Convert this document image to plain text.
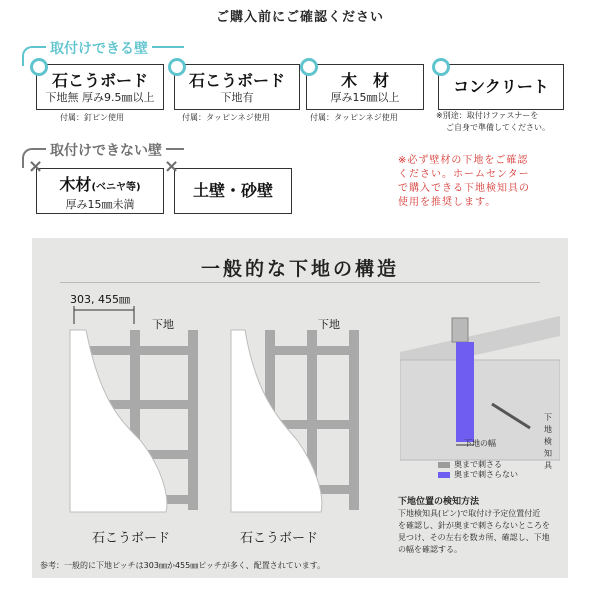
ご購入前にご確認ください
取付けできる壁
石こうボード
下地無 厚み9.5㎜以上
付属：釘ピン使用
石こうボード
下地有
付属：タッピンネジ使用
木　材
厚み15㎜以上
付属：タッピンネジ使用
コンクリート
※別途：取付けファスナーを
ご自身で準備してください。
取付けできない壁
木材(ベニヤ等)
厚み15㎜未満
×
土壁・砂壁
×	※必ず壁材の下地をご確認
ください。ホームセンター
で購入できる下地検知具の
使用を推奨します。
一般的な下地の構造
303, 455㎜
下地
石こうボード
下地
石こうボード
下地の幅
下地検知具
奥まで刺さる
奥まで刺さらない
下地位置の検知方法
下地検知具(ピン)で取付け予定位置付近
を確認し、針が奥まで刺さらないところを
見つけ、その左右を数カ所、確認し、下地
の幅を確認する。
参考：一般的に下地ピッチは303㎜か455㎜ピッチが多く、配置されています。
